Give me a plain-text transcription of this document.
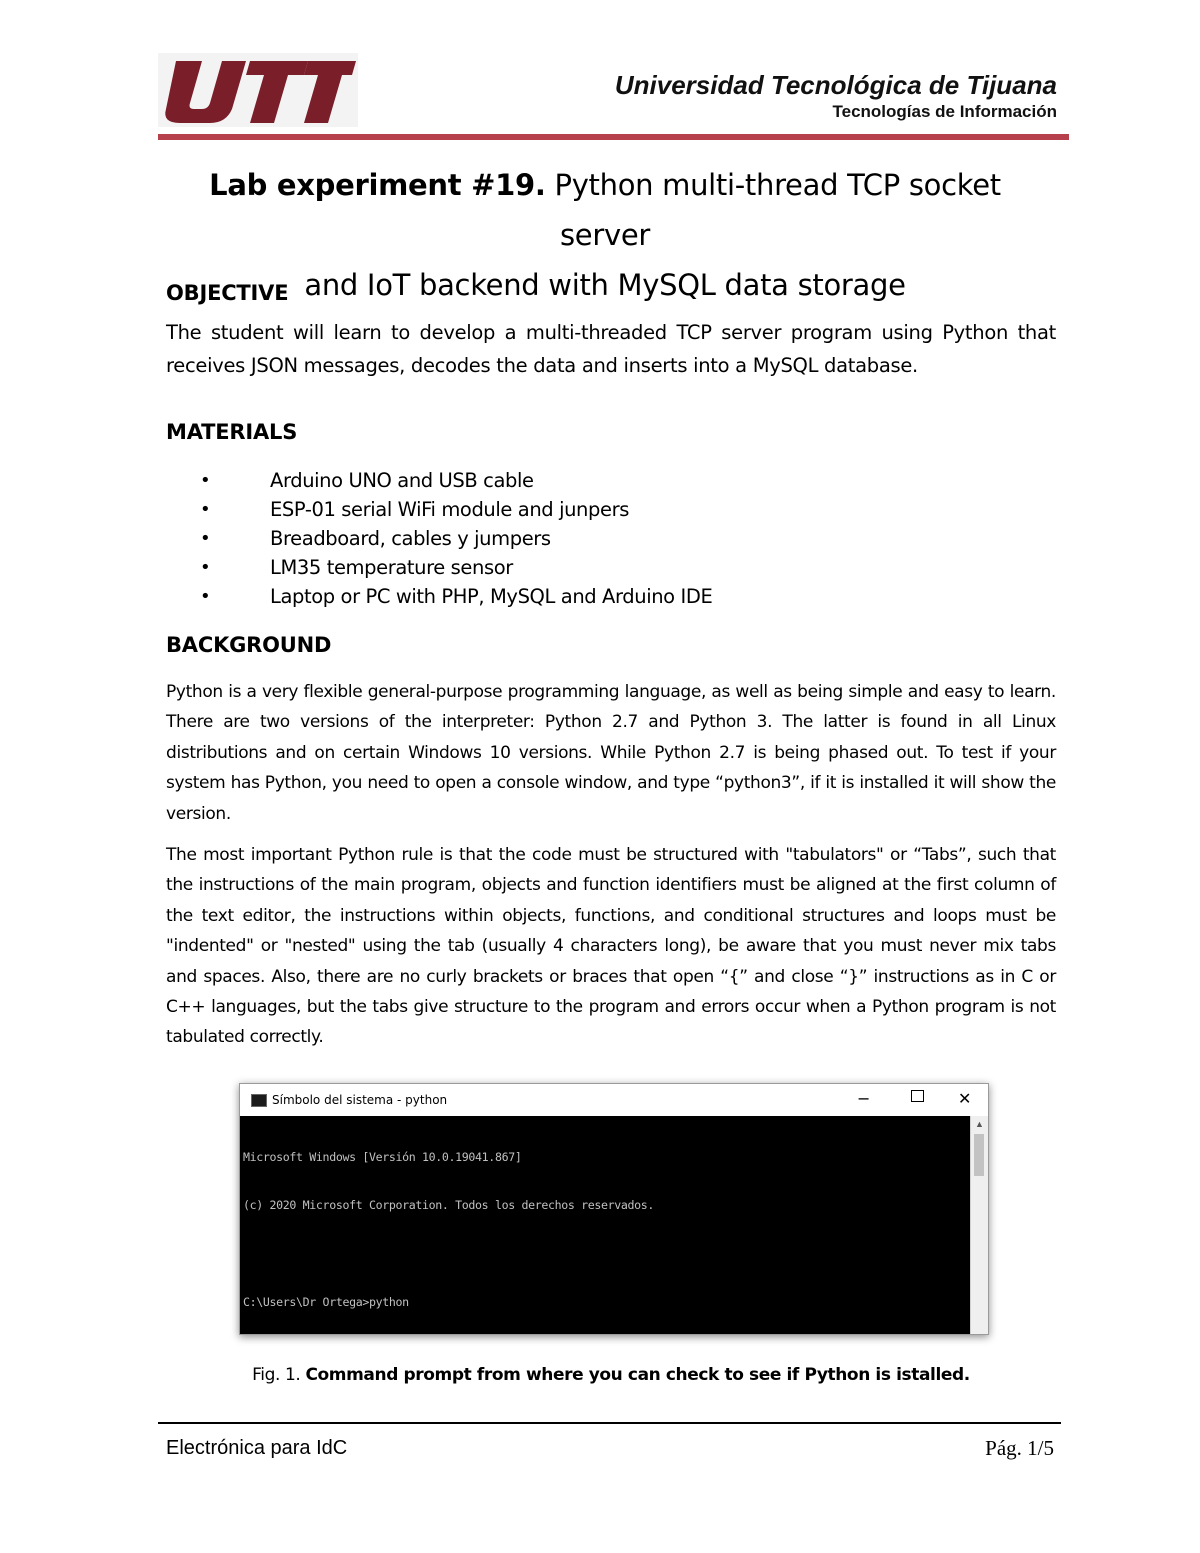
Universidad Tecnológica de Tijuana
Tecnologías de Información
Lab experiment #19. Python multi-thread TCP socket server
and IoT backend with MySQL data storage
OBJECTIVE
The student will learn to develop a multi-threaded TCP server program using Python that receives JSON messages, decodes the data and inserts into a MySQL database.
MATERIALS
•	Arduino UNO and USB cable
•	ESP-01 serial WiFi module and junpers
•	Breadboard, cables y jumpers
•	LM35 temperature sensor
•	Laptop or PC with PHP, MySQL and Arduino IDE
BACKGROUND
Python is a very flexible general-purpose programming language, as well as being simple and easy to learn. There are two versions of the interpreter: Python 2.7 and Python 3. The latter is found in all Linux distributions and on certain Windows 10 versions. While Python 2.7 is being phased out. To test if your system has Python, you need to open a console window, and type “python3”, if it is installed it will show the version.
The most important Python rule is that the code must be structured with "tabulators" or “Tabs”, such that the instructions of the main program, objects and function identifiers must be aligned at the first column of the text editor, the instructions within objects, functions, and conditional structures and loops must be "indented" or "nested" using the tab (usually 4 characters long), be aware that you must never mix tabs and spaces. Also, there are no curly brackets or braces that open “{” and close “}” instructions as in C or C++ languages, but the tabs give structure to the program and errors occur when a Python program is not tabulated correctly.
Símbolo del sistema - python	−	✕

Microsoft Windows [Versión 10.0.19041.867]

(c) 2020 Microsoft Corporation. Todos los derechos reservados.

C:\Users\Dr Ortega>python

▲
Fig. 1. Command prompt from where you can check to see if Python is istalled.
Electrónica para IdC	Pág. 1/5
